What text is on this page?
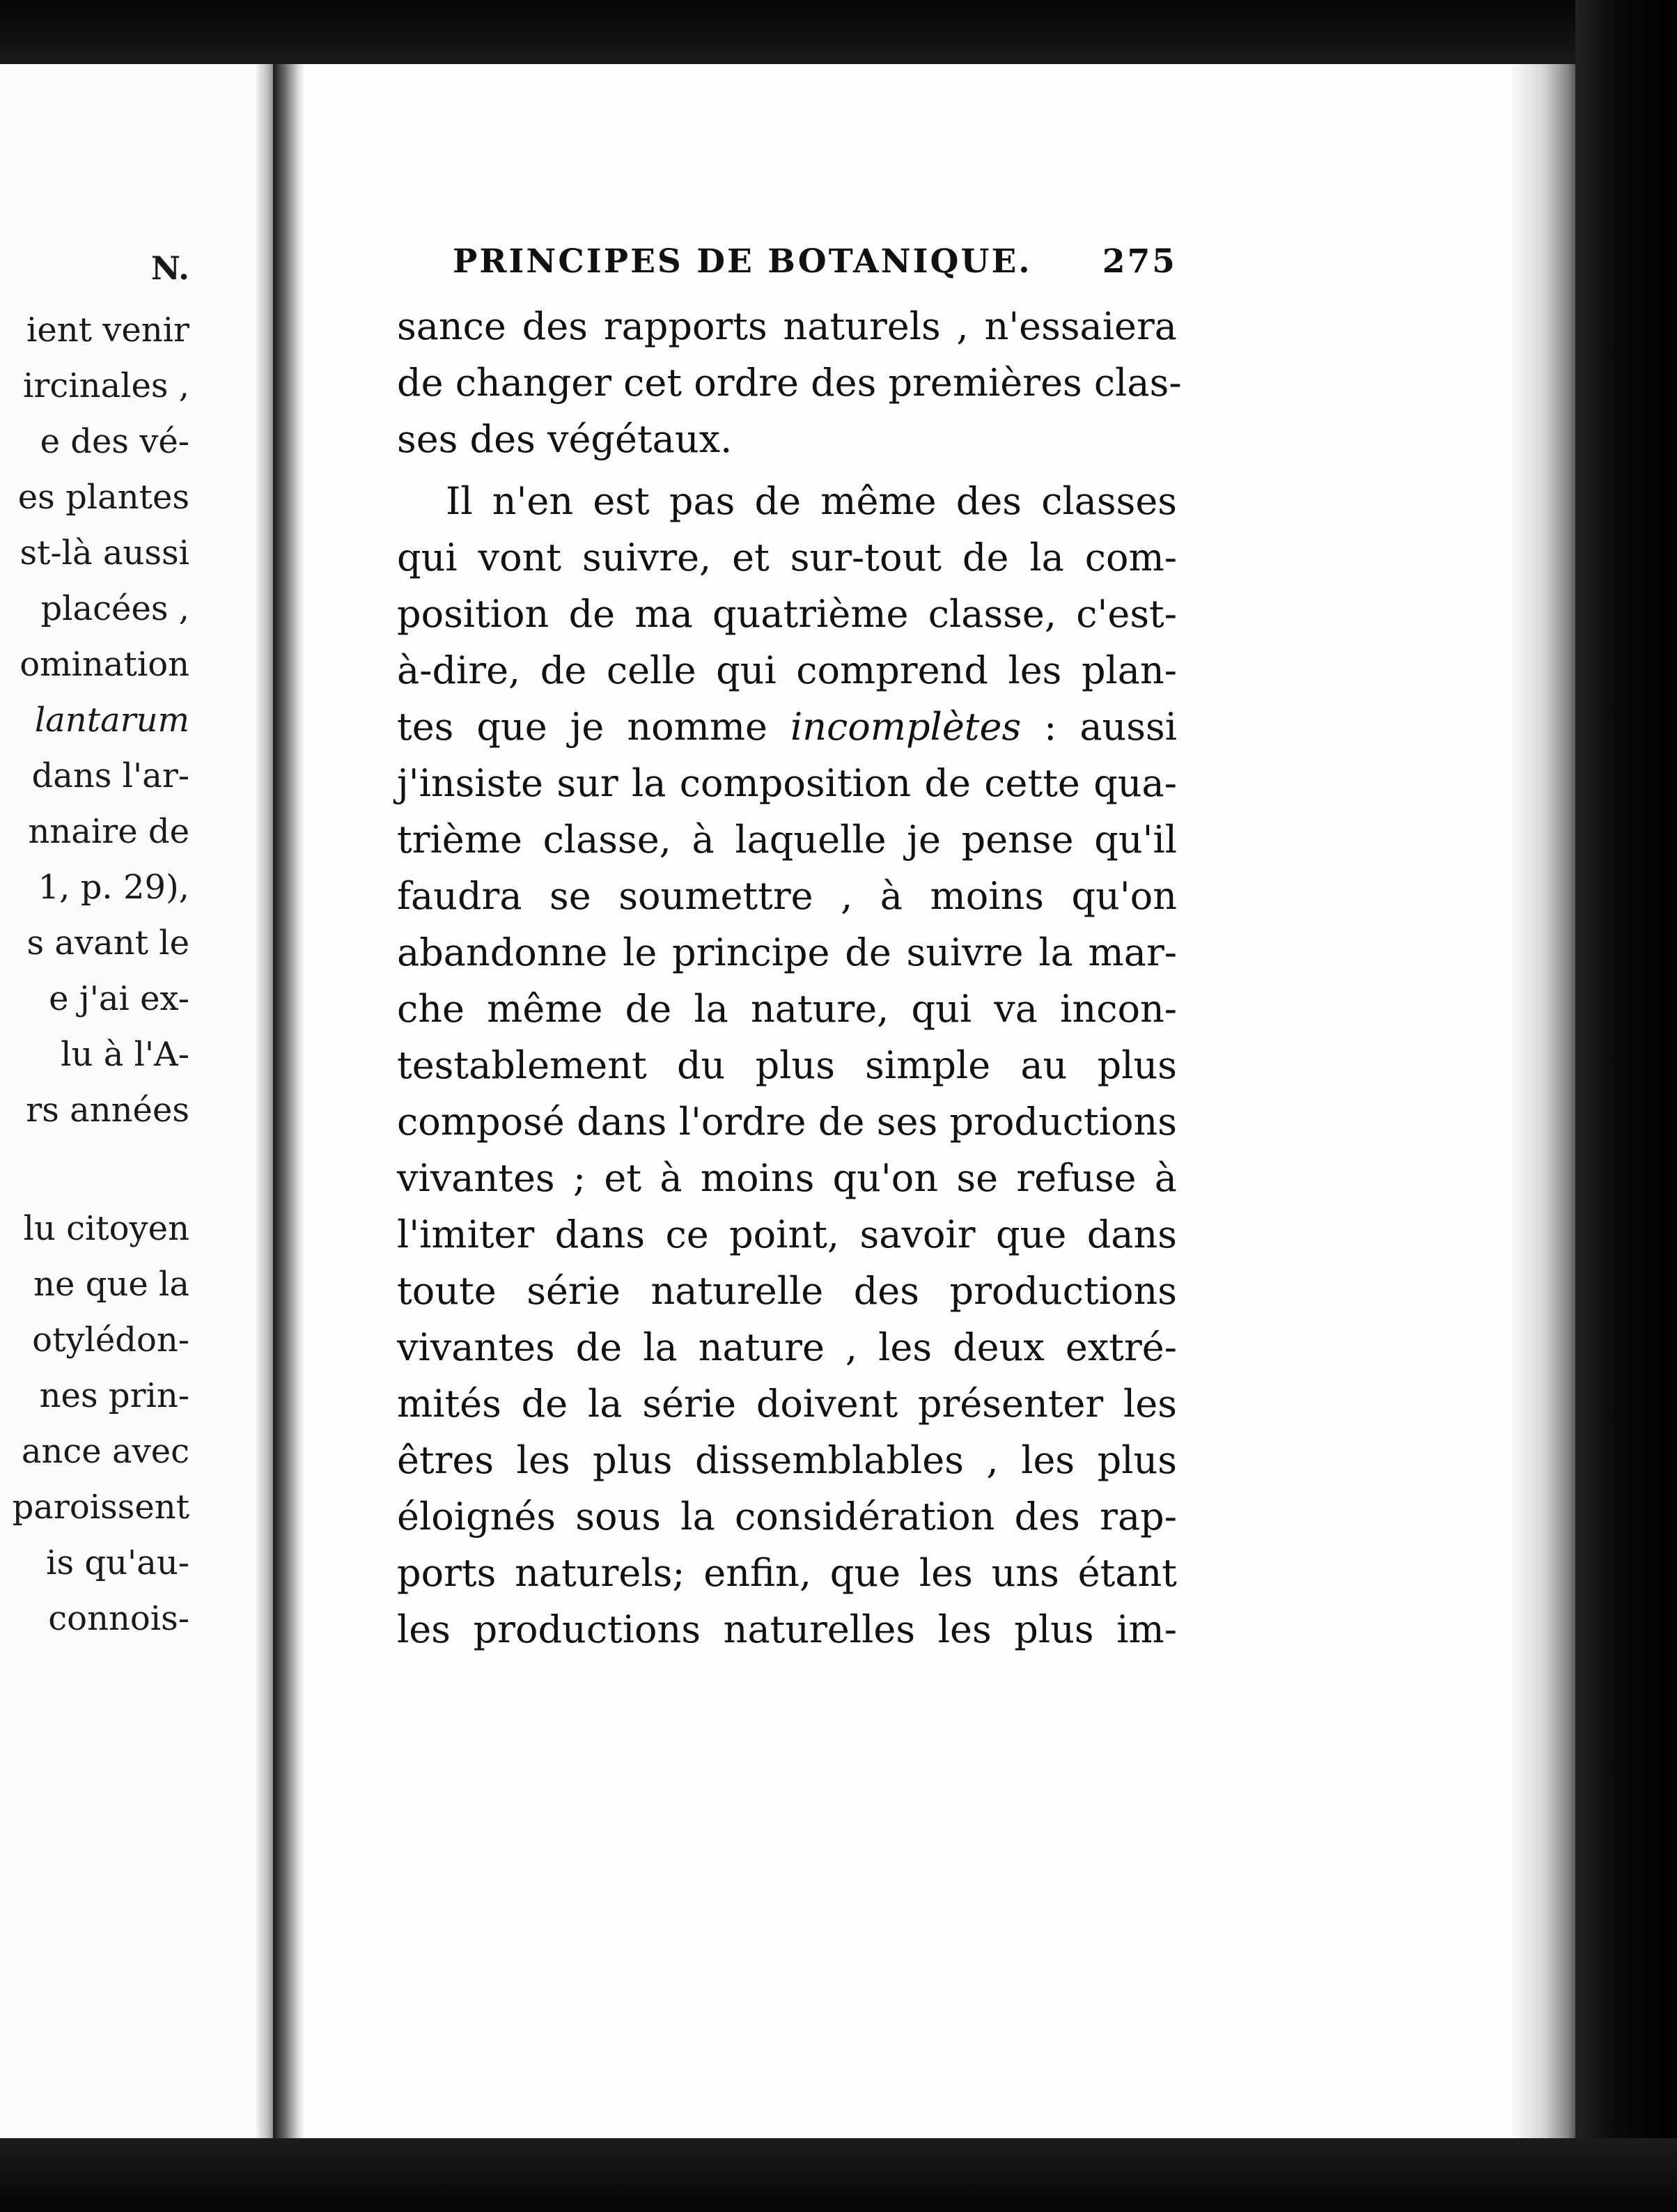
N.
ient venir
ircinales ,
e des vé-
es plantes
st-là aussi
placées ,
omination
lantarum
dans l'ar-
nnaire de
1, p. 29),
s avant le
e j'ai ex-
lu à l'A-
rs années
lu citoyen
ne que la
otylédon-
nes prin-
ance avec
paroissent
is qu'au-
connois-
PRINCIPES DE BOTANIQUE. 275
sance des rapports naturels , n'essaiera
de changer cet ordre des premières clas-
ses des végétaux.
Il n'en est pas de même des classes
qui vont suivre, et sur-tout de la com-
position de ma quatrième classe, c'est-
à-dire, de celle qui comprend les plan-
tes que je nomme incomplètes : aussi
j'insiste sur la composition de cette qua-
trième classe, à laquelle je pense qu'il
faudra se soumettre , à moins qu'on
abandonne le principe de suivre la mar-
che même de la nature, qui va incon-
testablement du plus simple au plus
composé dans l'ordre de ses productions
vivantes ; et à moins qu'on se refuse à
l'imiter dans ce point, savoir que dans
toute série naturelle des productions
vivantes de la nature , les deux extré-
mités de la série doivent présenter les
êtres les plus dissemblables , les plus
éloignés sous la considération des rap-
ports naturels; enfin, que les uns étant
les productions naturelles les plus im-
